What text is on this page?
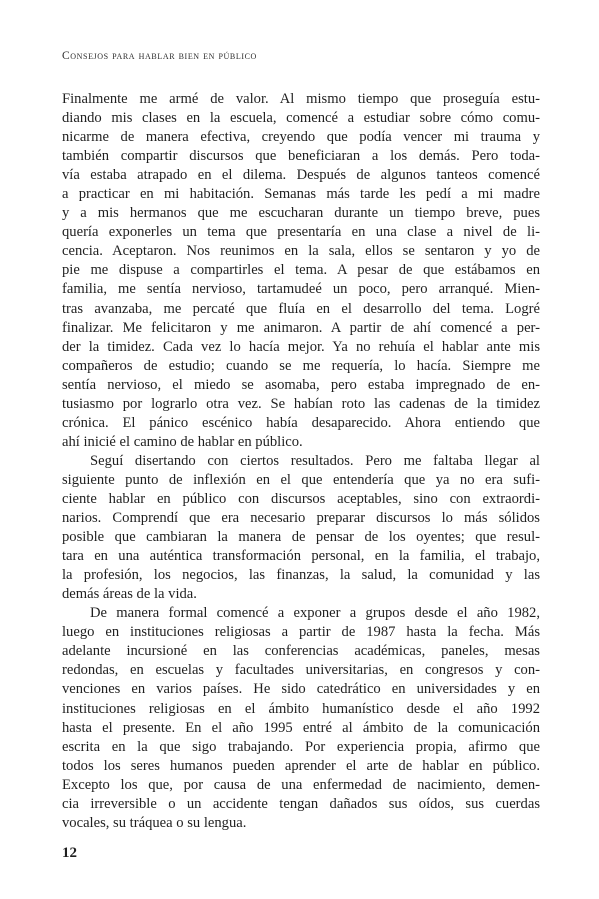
Consejos para hablar bien en público
Finalmente me armé de valor. Al mismo tiempo que proseguía estu-
diando mis clases en la escuela, comencé a estudiar sobre cómo comu-
nicarme de manera efectiva, creyendo que podía vencer mi trauma y
también compartir discursos que beneficiaran a los demás. Pero toda-
vía estaba atrapado en el dilema. Después de algunos tanteos comencé
a practicar en mi habitación. Semanas más tarde les pedí a mi madre
y a mis hermanos que me escucharan durante un tiempo breve, pues
quería exponerles un tema que presentaría en una clase a nivel de li-
cencia. Aceptaron. Nos reunimos en la sala, ellos se sentaron y yo de
pie me dispuse a compartirles el tema. A pesar de que estábamos en
familia, me sentía nervioso, tartamudeé un poco, pero arranqué. Mien-
tras avanzaba, me percaté que fluía en el desarrollo del tema. Logré
finalizar. Me felicitaron y me animaron. A partir de ahí comencé a per-
der la timidez. Cada vez lo hacía mejor. Ya no rehuía el hablar ante mis
compañeros de estudio; cuando se me requería, lo hacía. Siempre me
sentía nervioso, el miedo se asomaba, pero estaba impregnado de en-
tusiasmo por lograrlo otra vez. Se habían roto las cadenas de la timidez
crónica. El pánico escénico había desaparecido. Ahora entiendo que
ahí inicié el camino de hablar en público.
Seguí disertando con ciertos resultados. Pero me faltaba llegar al
siguiente punto de inflexión en el que entendería que ya no era sufi-
ciente hablar en público con discursos aceptables, sino con extraordi-
narios. Comprendí que era necesario preparar discursos lo más sólidos
posible que cambiaran la manera de pensar de los oyentes; que resul-
tara en una auténtica transformación personal, en la familia, el trabajo,
la profesión, los negocios, las finanzas, la salud, la comunidad y las
demás áreas de la vida.
De manera formal comencé a exponer a grupos desde el año 1982,
luego en instituciones religiosas a partir de 1987 hasta la fecha. Más
adelante incursioné en las conferencias académicas, paneles, mesas
redondas, en escuelas y facultades universitarias, en congresos y con-
venciones en varios países. He sido catedrático en universidades y en
instituciones religiosas en el ámbito humanístico desde el año 1992
hasta el presente. En el año 1995 entré al ámbito de la comunicación
escrita en la que sigo trabajando. Por experiencia propia, afirmo que
todos los seres humanos pueden aprender el arte de hablar en público.
Excepto los que, por causa de una enfermedad de nacimiento, demen-
cia irreversible o un accidente tengan dañados sus oídos, sus cuerdas
vocales, su tráquea o su lengua.
12
